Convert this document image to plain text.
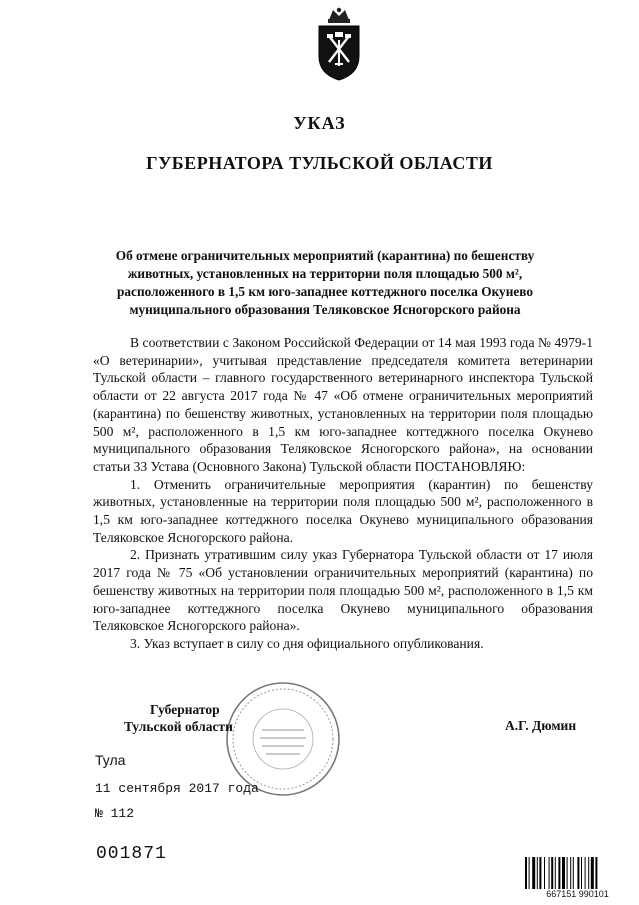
УКАЗ
ГУБЕРНАТОРА ТУЛЬСКОЙ ОБЛАСТИ
Об отмене ограничительных мероприятий (карантина) по бешенству животных, установленных на территории поля площадью 500 м², расположенного в 1,5 км юго-западнее коттеджного поселка Окунево муниципального образования Теляковское Ясногорского района

В соответствии с Законом Российской Федерации от 14 мая 1993 года № 4979-1 «О ветеринарии», учитывая представление председателя комитета ветеринарии Тульской области – главного государственного ветеринарного инспектора Тульской области от 22 августа 2017 года № 47 «Об отмене ограничительных мероприятий (карантина) по бешенству животных, установленных на территории поля площадью 500 м², расположенного в 1,5 км юго-западнее коттеджного поселка Окунево муниципального образования Теляковское Ясногорского района», на основании статьи 33 Устава (Основного Закона) Тульской области ПОСТАНОВЛЯЮ:

1. Отменить ограничительные мероприятия (карантин) по бешенству животных, установленные на территории поля площадью 500 м², расположенного в 1,5 км юго-западнее коттеджного поселка Окунево муниципального образования Теляковское Ясногорского района.

2. Признать утратившим силу указ Губернатора Тульской области от 17 июля 2017 года № 75 «Об установлении ограничительных мероприятий (карантина) по бешенству животных на территории поля площадью 500 м², расположенного в 1,5 км юго-западнее коттеджного поселка Окунево муниципального образования Теляковское Ясногорского района».

3. Указ вступает в силу со дня официального опубликования.

Губернатор
Тульской области	А.Г. Дюмин
Тула
11 сентября 2017 года
№ 112
001871
667151 990101
